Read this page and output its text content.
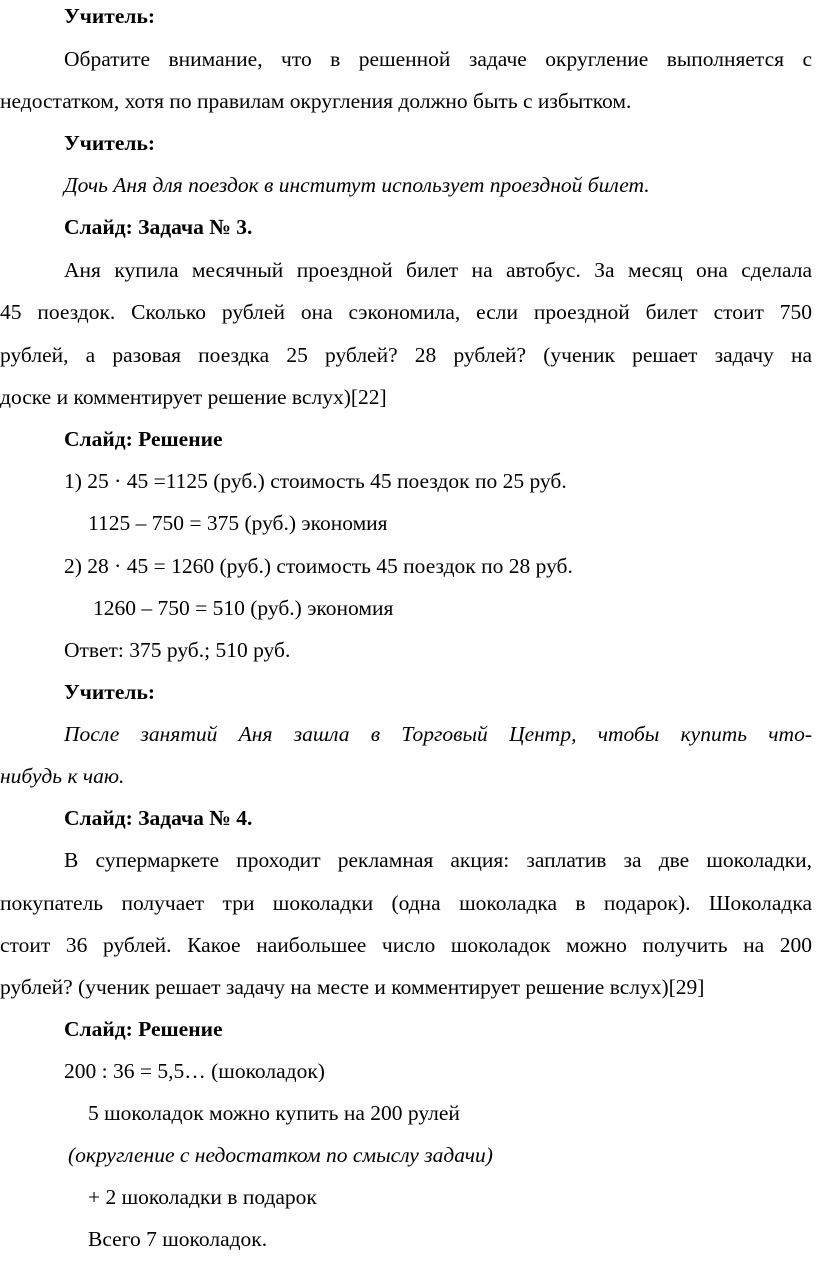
Учитель:
Обратите внимание, что в решенной задаче округление выполняется с
недостатком, хотя по правилам округления должно быть с избытком.
Учитель:
Дочь Аня для поездок в институт использует проездной билет.
Слайд: Задача № 3.
Аня купила месячный проездной билет на автобус. За месяц она сделала
45 поездок. Сколько рублей она сэкономила, если проездной билет стоит 750
рублей, а разовая поездка 25 рублей? 28 рублей? (ученик решает задачу на
доске и комментирует решение вслух)[22]
Слайд: Решение
1) 25 · 45 =1125 (руб.) стоимость 45 поездок по 25 руб.
1125 – 750 = 375 (руб.) экономия
2) 28 · 45 = 1260 (руб.) стоимость 45 поездок по 28 руб.
1260 – 750 = 510 (руб.) экономия
Ответ: 375 руб.; 510 руб.
Учитель:
После занятий Аня зашла в Торговый Центр, чтобы купить что-
нибудь к чаю.
Слайд: Задача № 4.
В супермаркете проходит рекламная акция: заплатив за две шоколадки,
покупатель получает три шоколадки (одна шоколадка в подарок). Шоколадка
стоит 36 рублей. Какое наибольшее число шоколадок можно получить на 200
рублей? (ученик решает задачу на месте и комментирует решение вслух)[29]
Слайд: Решение
200 : 36 = 5,5… (шоколадок)
5 шоколадок можно купить на 200 рулей
(округление с недостатком по смыслу задачи)
+ 2 шоколадки в подарок
Всего 7 шоколадок.
